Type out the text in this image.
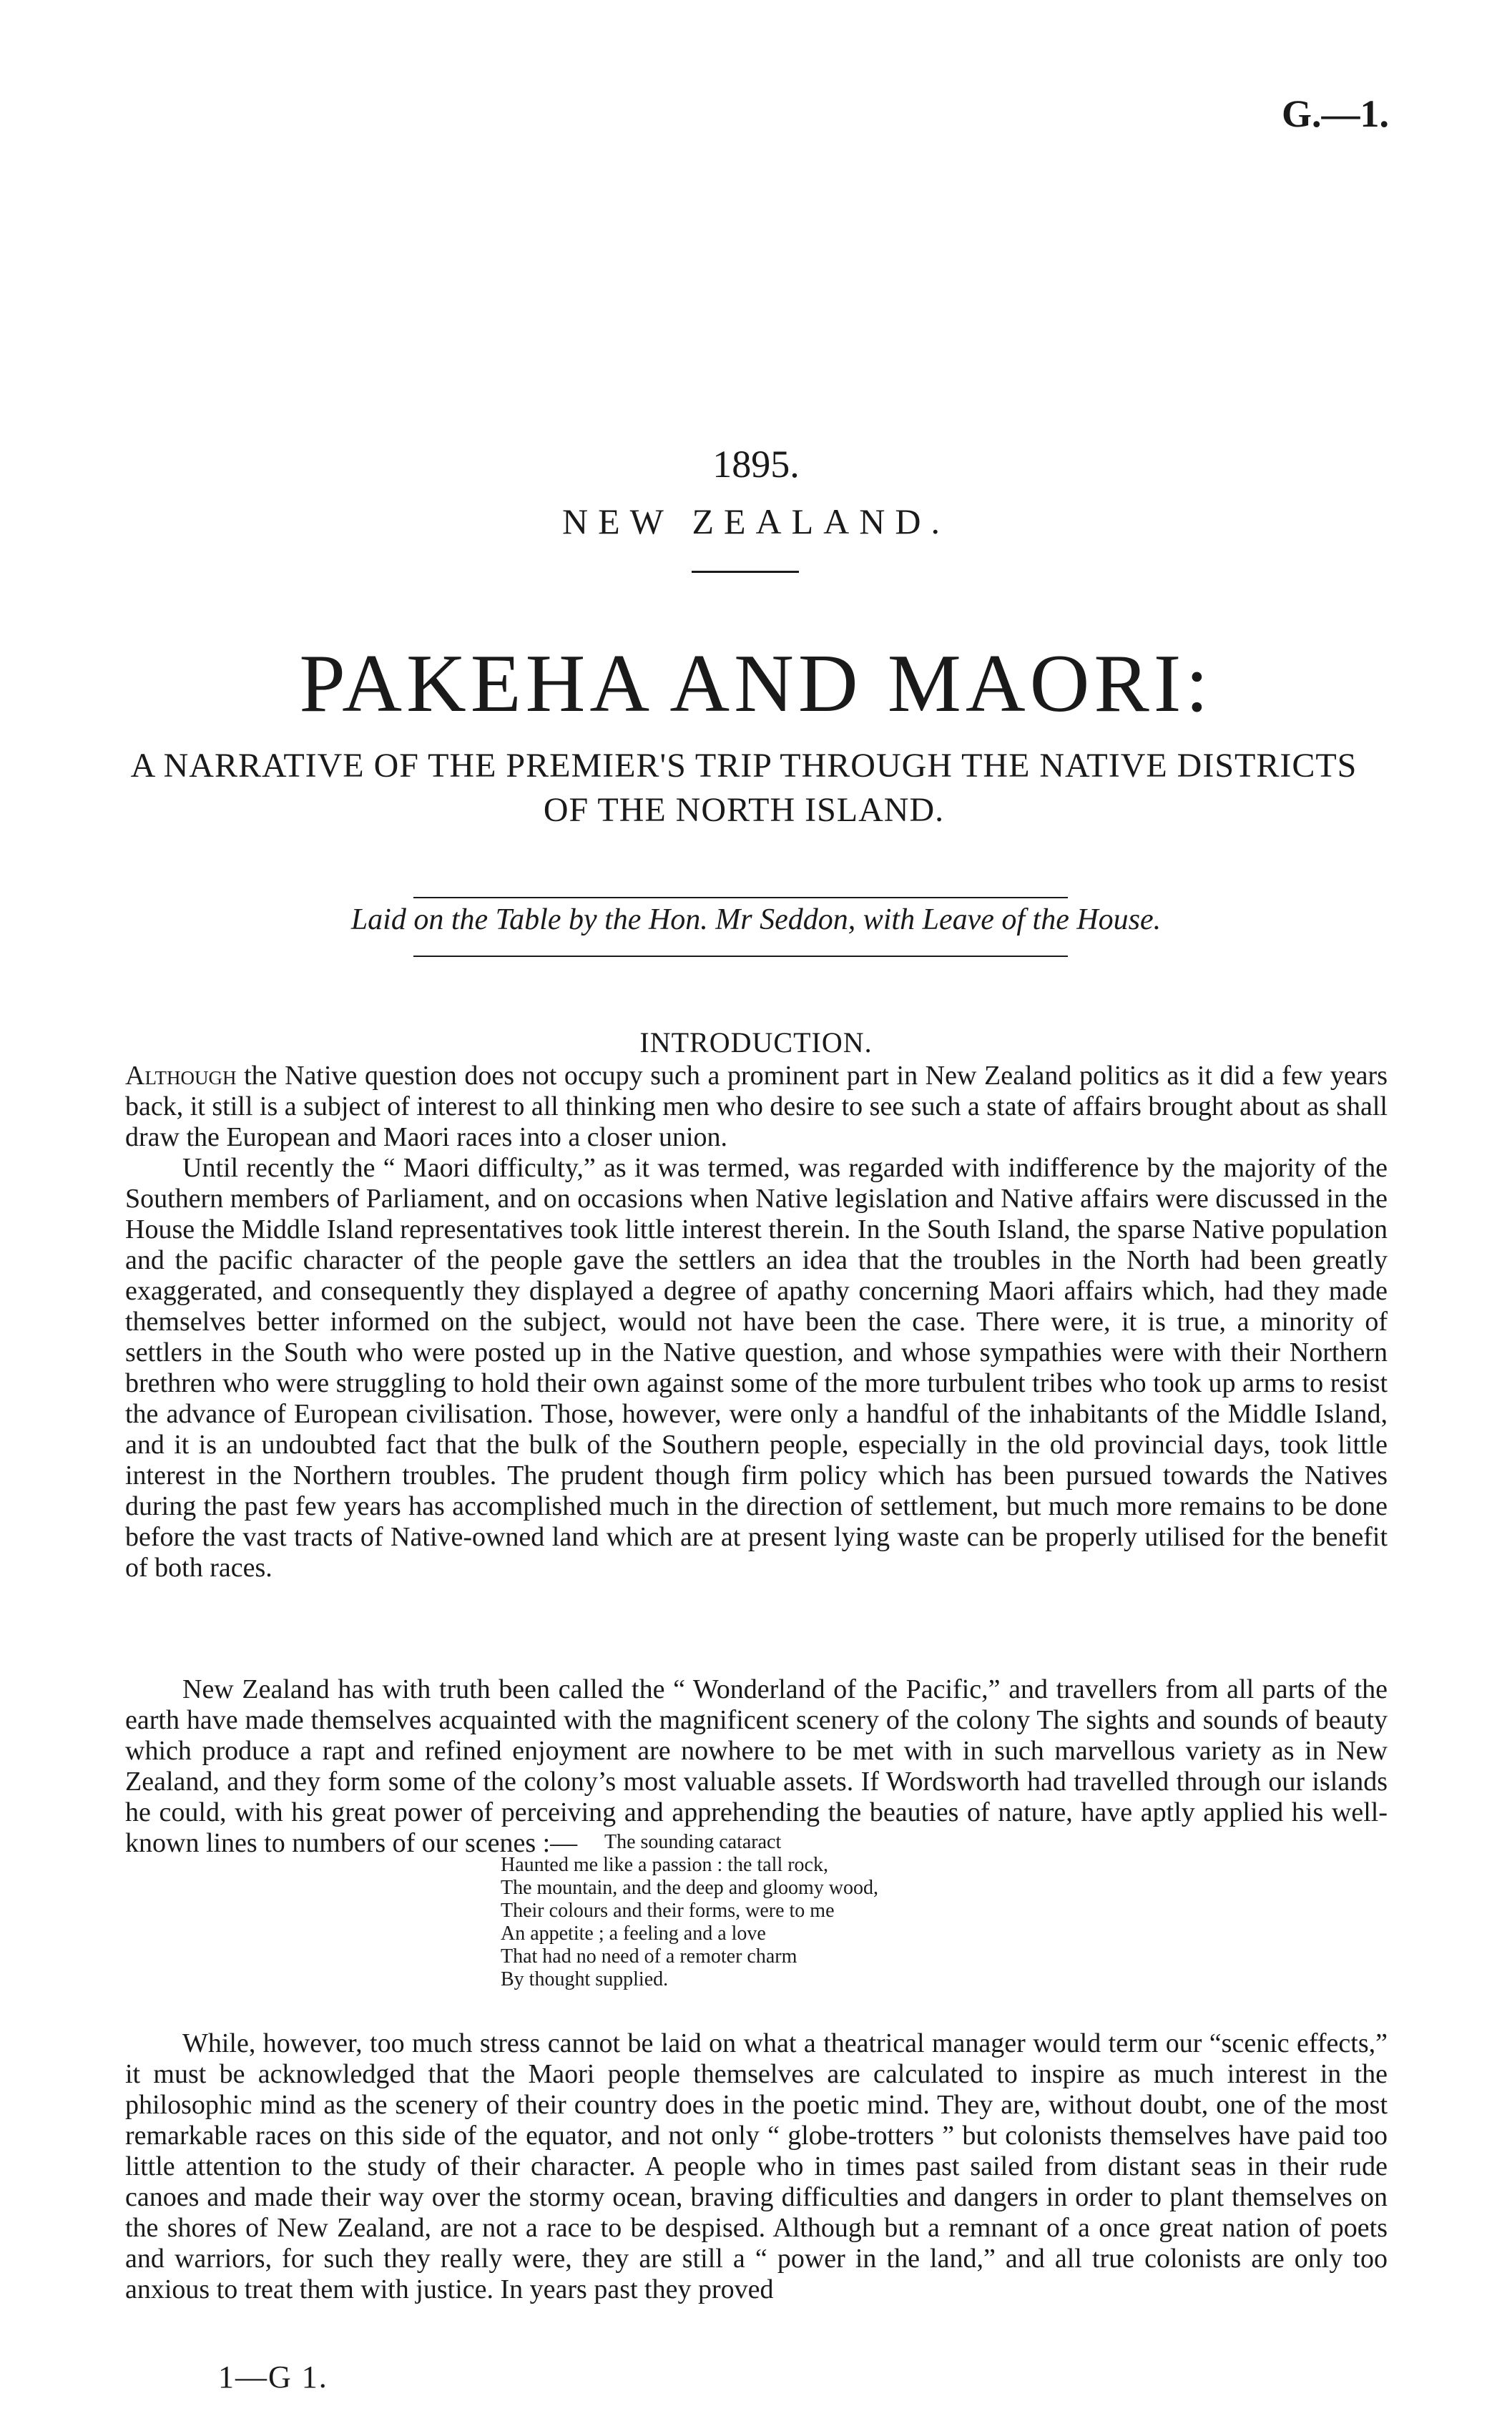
G.—1.
1895.
NEW ZEALAND.
PAKEHA AND MAORI:
A NARRATIVE OF THE PREMIER'S TRIP THROUGH THE NATIVE DISTRICTS OF THE NORTH ISLAND.
Laid on the Table by the Hon. Mr Seddon, with Leave of the House.
INTRODUCTION.

Although the Native question does not occupy such a prominent part in New Zealand politics as it did a few years back, it still is a subject of interest to all thinking men who desire to see such a state of affairs brought about as shall draw the European and Maori races into a closer union.

Until recently the “ Maori difficulty,” as it was termed, was regarded with indifference by the majority of the Southern members of Parliament, and on occasions when Native legislation and Native affairs were discussed in the House the Middle Island representatives took little interest therein. In the South Island, the sparse Native population and the pacific character of the people gave the settlers an idea that the troubles in the North had been greatly exaggerated, and consequently they displayed a degree of apathy concerning Maori affairs which, had they made themselves better informed on the subject, would not have been the case. There were, it is true, a minority of settlers in the South who were posted up in the Native question, and whose sympathies were with their Northern brethren who were struggling to hold their own against some of the more turbulent tribes who took up arms to resist the advance of European civilisation. Those, however, were only a handful of the inhabitants of the Middle Island, and it is an undoubted fact that the bulk of the Southern people, especially in the old provincial days, took little interest in the Northern troubles. The prudent though firm policy which has been pursued towards the Natives during the past few years has accomplished much in the direction of settlement, but much more remains to be done before the vast tracts of Native-owned land which are at present lying waste can be properly utilised for the benefit of both races.

New Zealand has with truth been called the “ Wonderland of the Pacific,” and travellers from all parts of the earth have made themselves acquainted with the magnificent scenery of the colony The sights and sounds of beauty which produce a rapt and refined enjoyment are nowhere to be met with in such marvellous variety as in New Zealand, and they form some of the colony’s most valuable assets. If Wordsworth had travelled through our islands he could, with his great power of perceiving and apprehending the beauties of nature, have aptly applied his well-known lines to numbers of our scenes :—	The sounding cataract
Haunted me like a passion : the tall rock,
The mountain, and the deep and gloomy wood,
Their colours and their forms, were to me
An appetite ; a feeling and a love
That had no need of a remoter charm
By thought supplied.

While, however, too much stress cannot be laid on what a theatrical manager would term our “scenic effects,” it must be acknowledged that the Maori people themselves are calculated to inspire as much interest in the philosophic mind as the scenery of their country does in the poetic mind. They are, without doubt, one of the most remarkable races on this side of the equator, and not only “ globe-trotters ” but colonists themselves have paid too little attention to the study of their character. A people who in times past sailed from distant seas in their rude canoes and made their way over the stormy ocean, braving difficulties and dangers in order to plant themselves on the shores of New Zealand, are not a race to be despised. Although but a remnant of a once great nation of poets and warriors, for such they really were, they are still a “ power in the land,” and all true colonists are only too anxious to treat them with justice. In years past they proved

1—G 1.
